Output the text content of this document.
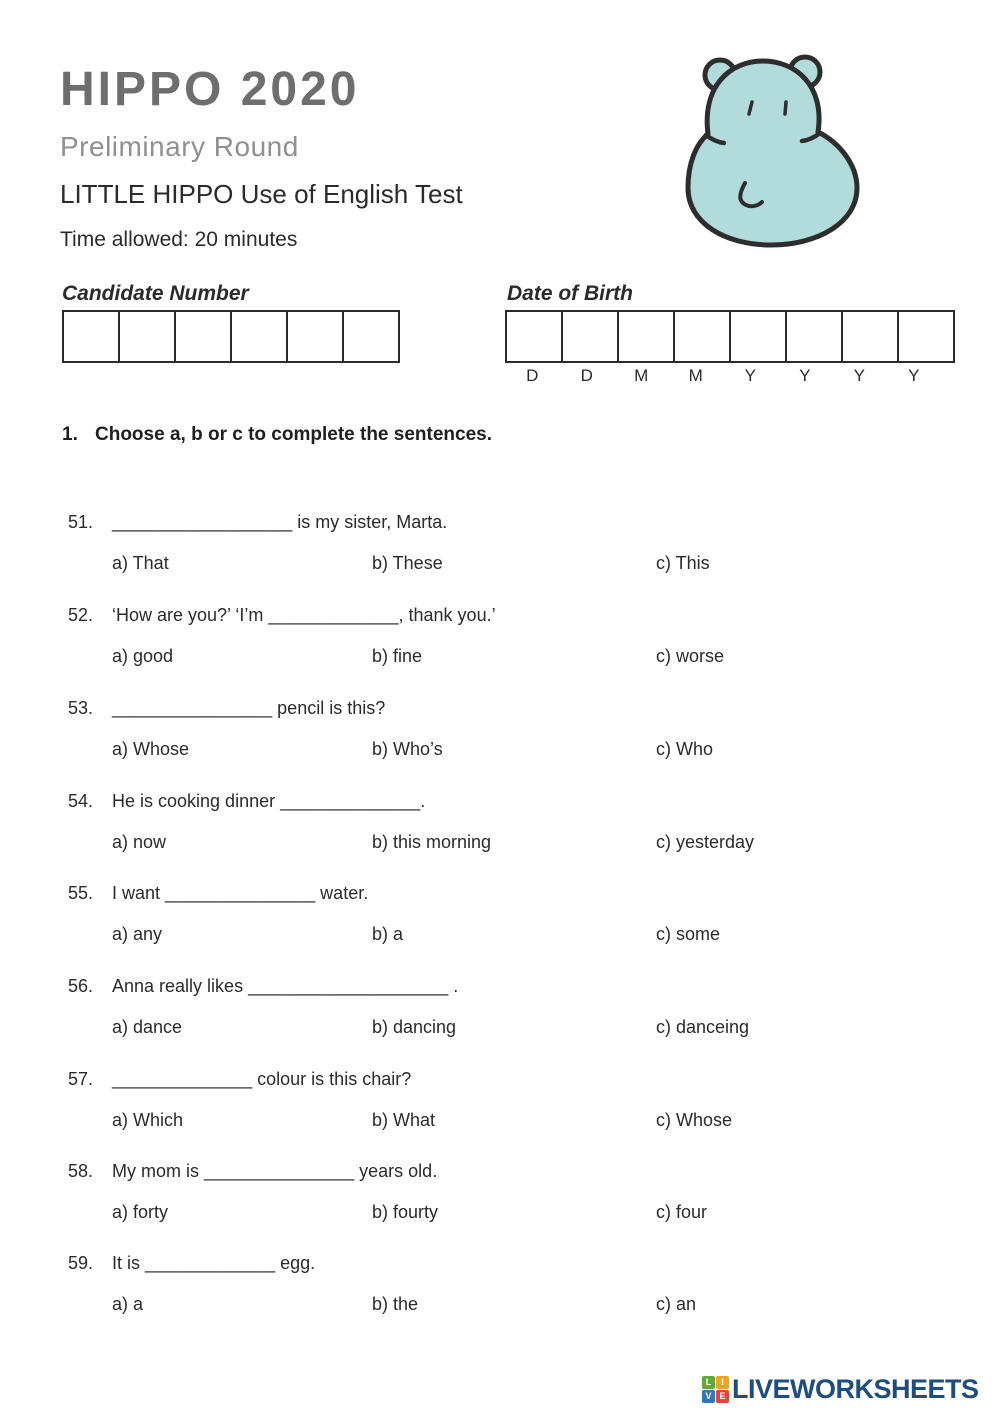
HIPPO 2020
Preliminary Round
LITTLE HIPPO Use of English Test
Time allowed: 20 minutes
Candidate Number	Date of Birth
D	D	M	M	Y	Y	Y	Y
1. Choose a, b or c to complete the sentences.
51. __________________ is my sister, Marta.
a) That	b) These	c) This
52. ‘How are you?’ ‘I’m _____________, thank you.’
a) good	b) fine	c) worse
53. ________________ pencil is this?
a) Whose	b) Who’s	c) Who
54. He is cooking dinner ______________.
a) now	b) this morning	c) yesterday
55. I want _______________ water.
a) any	b) a	c) some
56. Anna really likes ____________________ .
a) dance	b) dancing	c) danceing
57. ______________ colour is this chair?
a) Which	b) What	c) Whose
58. My mom is _______________ years old.
a) forty	b) fourty	c) four
59. It is _____________ egg.
a) a	b) the	c) an
L	I
V E LIVEWORKSHEETS
